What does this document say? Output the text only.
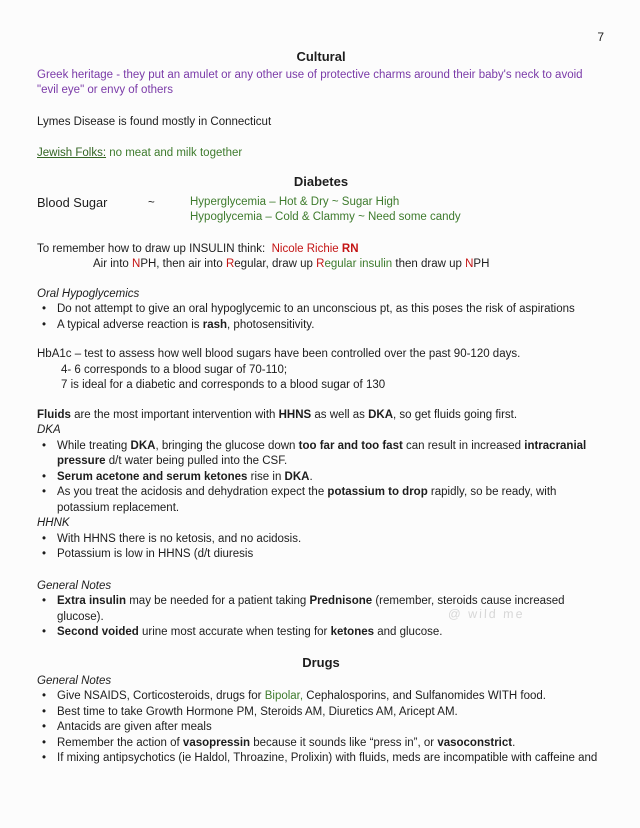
7
Cultural
Greek heritage - they put an amulet or any other use of protective charms around their baby's neck to avoid "evil eye" or envy of others
Lymes Disease is found mostly in Connecticut
Jewish Folks: no meat and milk together
Diabetes
Blood Sugar	~	Hyperglycemia – Hot & Dry ~ Sugar High
Hypoglycemia – Cold & Clammy ~ Need some candy
To remember how to draw up INSULIN think:  Nicole Richie RN
Air into NPH, then air into Regular, draw up Regular insulin then draw up NPH
Oral Hypoglycemics
• Do not attempt to give an oral hypoglycemic to an unconscious pt, as this poses the risk of aspirations
• A typical adverse reaction is rash, photosensitivity.
HbA1c – test to assess how well blood sugars have been controlled over the past 90-120 days.
4- 6 corresponds to a blood sugar of 70-110;
7 is ideal for a diabetic and corresponds to a blood sugar of 130
Fluids are the most important intervention with HHNS as well as DKA, so get fluids going first.
DKA
• While treating DKA, bringing the glucose down too far and too fast can result in increased intracranial pressure d/t water being pulled into the CSF.
• Serum acetone and serum ketones rise in DKA.
• As you treat the acidosis and dehydration expect the potassium to drop rapidly, so be ready, with potassium replacement.
HHNK
• With HHNS there is no ketosis, and no acidosis.
• Potassium is low in HHNS (d/t diuresis
General Notes
• Extra insulin may be needed for a patient taking Prednisone (remember, steroids cause increased glucose).
• Second voided urine most accurate when testing for ketones and glucose.
Drugs
General Notes
• Give NSAIDS, Corticosteroids, drugs for Bipolar, Cephalosporins, and Sulfanomides WITH food.
• Best time to take Growth Hormone PM, Steroids AM, Diuretics AM, Aricept AM.
• Antacids are given after meals
• Remember the action of vasopressin because it sounds like “press in”, or vasoconstrict.
• If mixing antipsychotics (ie Haldol, Throazine, Prolixin) with fluids, meds are incompatible with caffeine and
@ wild me
